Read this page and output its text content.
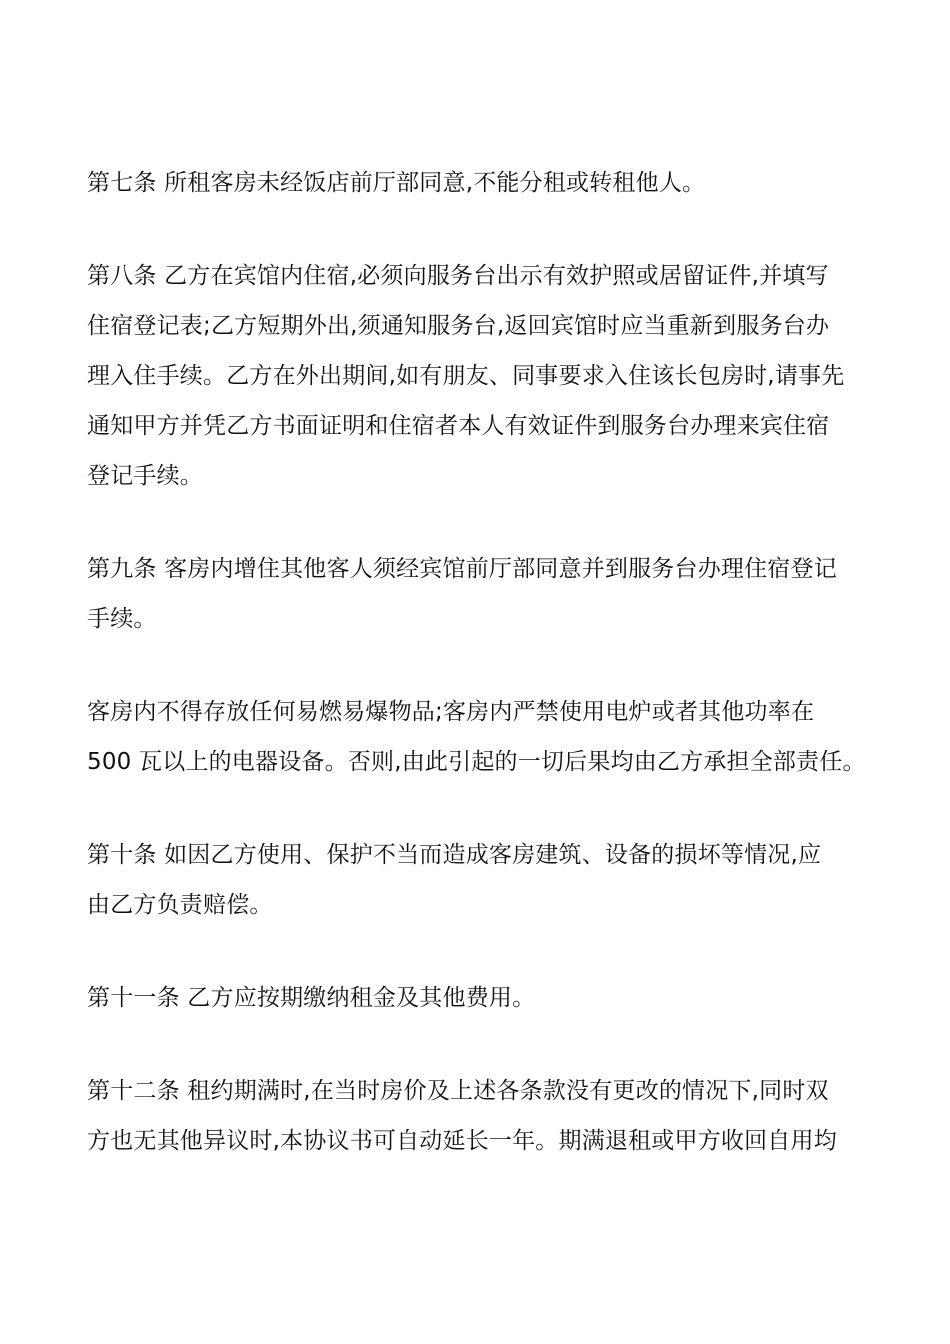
第七条 所租客房未经饭店前厅部同意,不能分租或转租他人。

第八条 乙方在宾馆内住宿,必须向服务台出示有效护照或居留证件,并填写
住宿登记表;乙方短期外出,须通知服务台,返回宾馆时应当重新到服务台办
理入住手续。乙方在外出期间,如有朋友、同事要求入住该长包房时,请事先
通知甲方并凭乙方书面证明和住宿者本人有效证件到服务台办理来宾住宿
登记手续。

第九条 客房内增住其他客人须经宾馆前厅部同意并到服务台办理住宿登记
手续。

客房内不得存放任何易燃易爆物品;客房内严禁使用电炉或者其他功率在
500 瓦以上的电器设备。否则,由此引起的一切后果均由乙方承担全部责任。

第十条 如因乙方使用、保护不当而造成客房建筑、设备的损坏等情况,应
由乙方负责赔偿。

第十一条 乙方应按期缴纳租金及其他费用。

第十二条 租约期满时,在当时房价及上述各条款没有更改的情况下,同时双
方也无其他异议时,本协议书可自动延长一年。期满退租或甲方收回自用均
